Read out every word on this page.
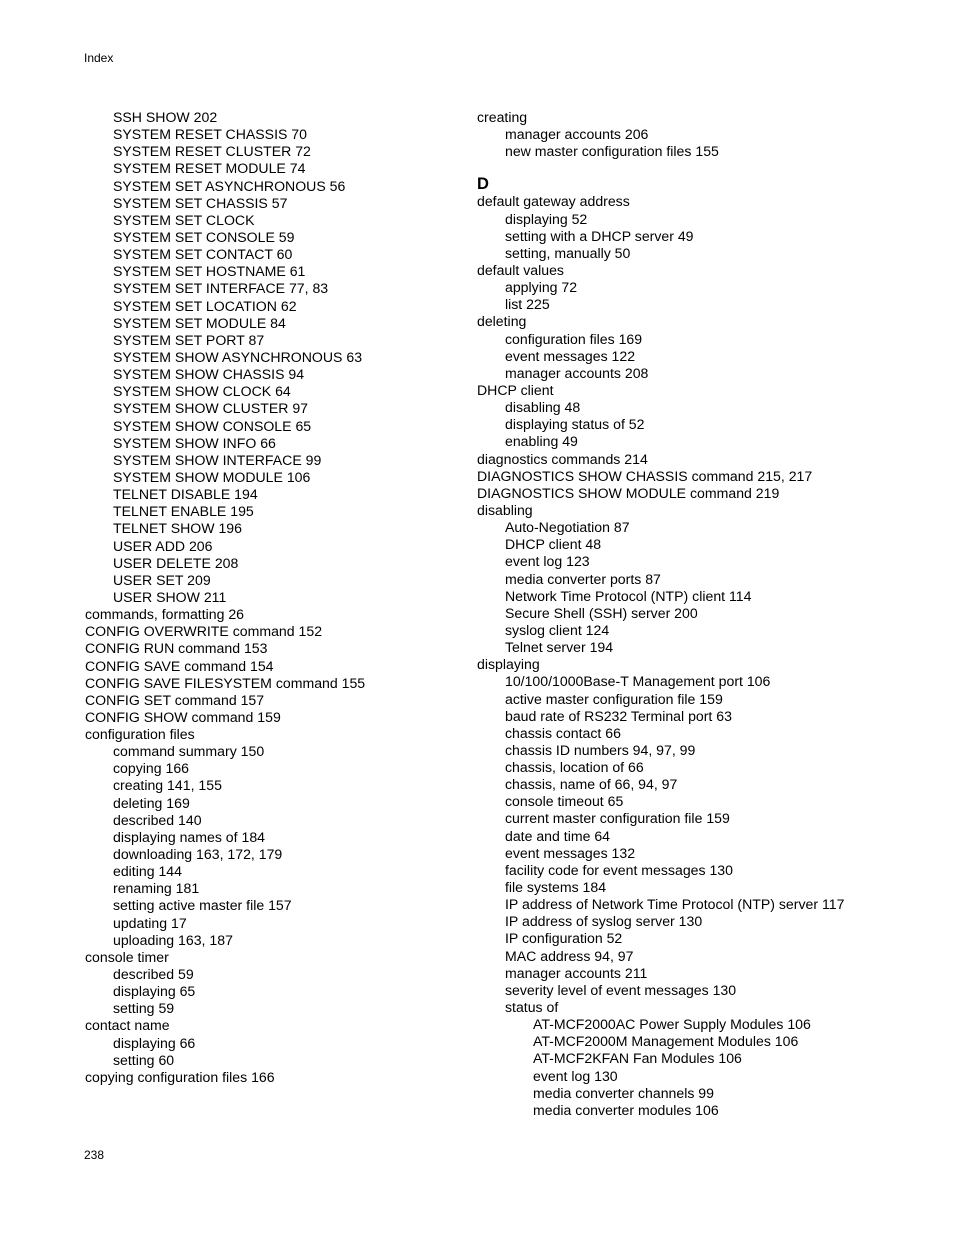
Index
SSH SHOW 202
SYSTEM RESET CHASSIS 70
SYSTEM RESET CLUSTER 72
SYSTEM RESET MODULE 74
SYSTEM SET ASYNCHRONOUS 56
SYSTEM SET CHASSIS 57
SYSTEM SET CLOCK
SYSTEM SET CONSOLE 59
SYSTEM SET CONTACT 60
SYSTEM SET HOSTNAME 61
SYSTEM SET INTERFACE 77, 83
SYSTEM SET LOCATION 62
SYSTEM SET MODULE 84
SYSTEM SET PORT 87
SYSTEM SHOW ASYNCHRONOUS 63
SYSTEM SHOW CHASSIS 94
SYSTEM SHOW CLOCK 64
SYSTEM SHOW CLUSTER 97
SYSTEM SHOW CONSOLE 65
SYSTEM SHOW INFO 66
SYSTEM SHOW INTERFACE 99
SYSTEM SHOW MODULE 106
TELNET DISABLE 194
TELNET ENABLE 195
TELNET SHOW 196
USER ADD 206
USER DELETE 208
USER SET 209
USER SHOW 211
commands, formatting 26
CONFIG OVERWRITE command 152
CONFIG RUN command 153
CONFIG SAVE command 154
CONFIG SAVE FILESYSTEM command 155
CONFIG SET command 157
CONFIG SHOW command 159
configuration files
command summary 150
copying 166
creating 141, 155
deleting 169
described 140
displaying names of 184
downloading 163, 172, 179
editing 144
renaming 181
setting active master file 157
updating 17
uploading 163, 187
console timer
described 59
displaying 65
setting 59
contact name
displaying 66
setting 60
copying configuration files 166
creating
manager accounts 206
new master configuration files 155
D
default gateway address
displaying 52
setting with a DHCP server 49
setting, manually 50
default values
applying 72
list 225
deleting
configuration files 169
event messages 122
manager accounts 208
DHCP client
disabling 48
displaying status of 52
enabling 49
diagnostics commands 214
DIAGNOSTICS SHOW CHASSIS command 215, 217
DIAGNOSTICS SHOW MODULE command 219
disabling
Auto-Negotiation 87
DHCP client 48
event log 123
media converter ports 87
Network Time Protocol (NTP) client 114
Secure Shell (SSH) server 200
syslog client 124
Telnet server 194
displaying
10/100/1000Base-T Management port 106
active master configuration file 159
baud rate of RS232 Terminal port 63
chassis contact 66
chassis ID numbers 94, 97, 99
chassis, location of 66
chassis, name of 66, 94, 97
console timeout 65
current master configuration file 159
date and time 64
event messages 132
facility code for event messages 130
file systems 184
IP address of Network Time Protocol (NTP) server 117
IP address of syslog server 130
IP configuration 52
MAC address 94, 97
manager accounts 211
severity level of event messages 130
status of
AT-MCF2000AC Power Supply Modules 106
AT-MCF2000M Management Modules 106
AT-MCF2KFAN Fan Modules 106
event log 130
media converter channels 99
media converter modules 106
238
